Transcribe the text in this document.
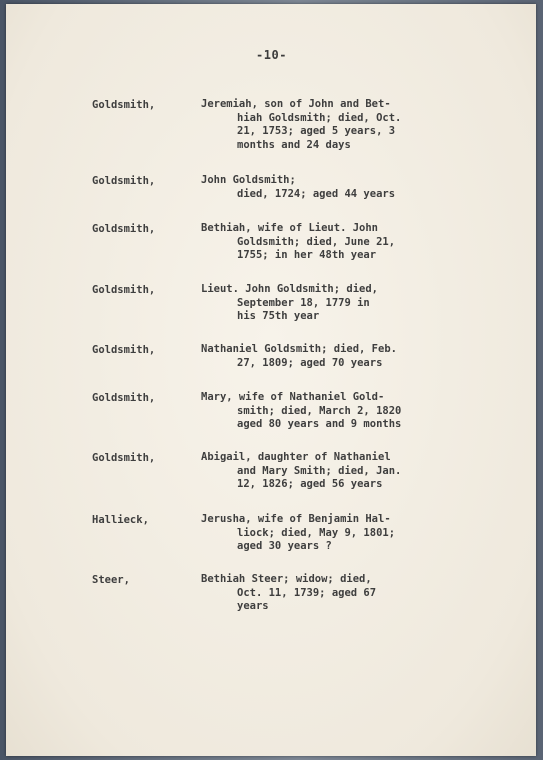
-10-
Goldsmith,	Jeremiah, son of John and Bet-
hiah Goldsmith; died, Oct.
21, 1753; aged 5 years, 3
months and 24 days
Goldsmith,	John Goldsmith;
died, 1724; aged 44 years
Goldsmith,	Bethiah, wife of Lieut. John
Goldsmith; died, June 21,
1755; in her 48th year
Goldsmith,	Lieut. John Goldsmith; died,
September 18, 1779 in
his 75th year
Goldsmith,	Nathaniel Goldsmith; died, Feb.
27, 1809; aged 70 years
Goldsmith,	Mary, wife of Nathaniel Gold-
smith; died, March 2, 1820
aged 80 years and 9 months
Goldsmith,	Abigail, daughter of Nathaniel
and Mary Smith; died, Jan.
12, 1826; aged 56 years
Hallieck,	Jerusha, wife of Benjamin Hal-
liock; died, May 9, 1801;
aged 30 years ?
Steer,	Bethiah Steer; widow; died,
Oct. 11, 1739; aged 67
years
